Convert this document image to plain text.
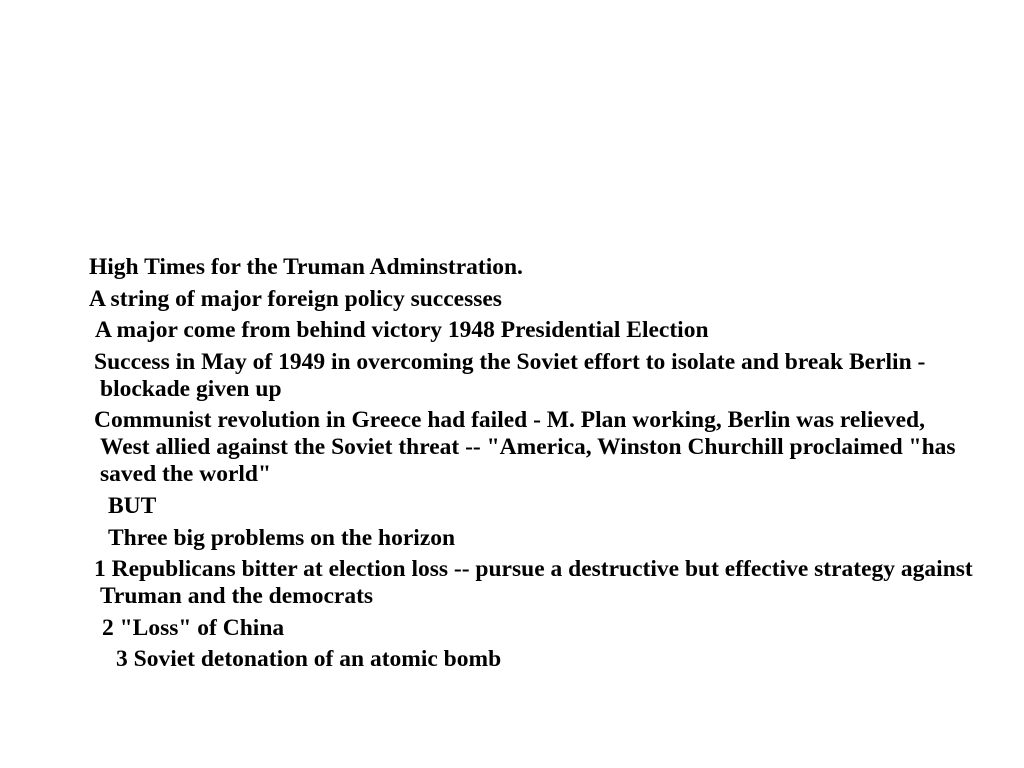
High Times for the Truman Adminstration.

A string of major foreign policy successes

A major come from behind victory 1948 Presidential Election

Success in May of 1949 in overcoming the Soviet effort to isolate and break Berlin - blockade given up

Communist revolution in Greece had failed - M. Plan working, Berlin was relieved, West allied against the Soviet threat -- "America, Winston Churchill proclaimed "has saved the world"

BUT

Three big problems on the horizon

1 Republicans bitter at election loss -- pursue a destructive but effective strategy against Truman and the democrats

2 "Loss" of China

3 Soviet detonation of an atomic bomb
